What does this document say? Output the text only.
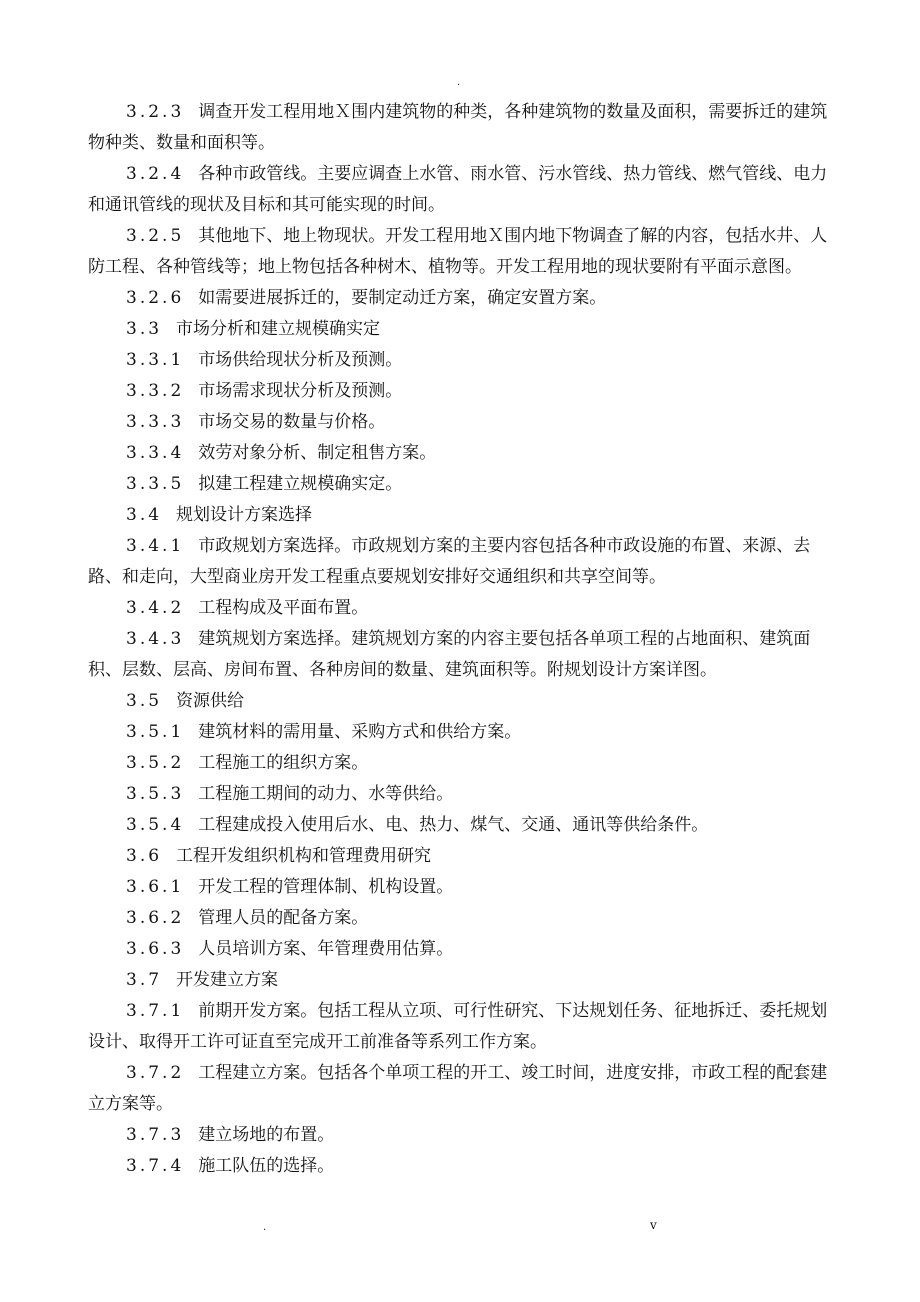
.

3.2.3 调查开发工程用地Ｘ围内建筑物的种类，各种建筑物的数量及面积，需要拆迁的建筑物种类、数量和面积等。

3.2.4 各种市政管线。主要应调查上水管、雨水管、污水管线、热力管线、燃气管线、电力和通讯管线的现状及目标和其可能实现的时间。

3.2.5 其他地下、地上物现状。开发工程用地Ｘ围内地下物调查了解的内容，包括水井、人防工程、各种管线等；地上物包括各种树木、植物等。开发工程用地的现状要附有平面示意图。

3.2.6 如需要进展拆迁的，要制定动迁方案，确定安置方案。

3.3 市场分析和建立规模确实定

3.3.1 市场供给现状分析及预测。

3.3.2 市场需求现状分析及预测。

3.3.3 市场交易的数量与价格。

3.3.4 效劳对象分析、制定租售方案。

3.3.5 拟建工程建立规模确实定。

3.4 规划设计方案选择

3.4.1 市政规划方案选择。市政规划方案的主要内容包括各种市政设施的布置、来源、去路、和走向，大型商业房开发工程重点要规划安排好交通组织和共享空间等。

3.4.2 工程构成及平面布置。

3.4.3 建筑规划方案选择。建筑规划方案的内容主要包括各单项工程的占地面积、建筑面积、层数、层高、房间布置、各种房间的数量、建筑面积等。附规划设计方案详图。

3.5 资源供给

3.5.1 建筑材料的需用量、采购方式和供给方案。

3.5.2 工程施工的组织方案。

3.5.3 工程施工期间的动力、水等供给。

3.5.4 工程建成投入使用后水、电、热力、煤气、交通、通讯等供给条件。

3.6 工程开发组织机构和管理费用研究

3.6.1 开发工程的管理体制、机构设置。

3.6.2 管理人员的配备方案。

3.6.3 人员培训方案、年管理费用估算。

3.7 开发建立方案

3.7.1 前期开发方案。包括工程从立项、可行性研究、下达规划任务、征地拆迁、委托规划设计、取得开工许可证直至完成开工前准备等系列工作方案。

3.7.2 工程建立方案。包括各个单项工程的开工、竣工时间，进度安排，市政工程的配套建立方案等。

3.7.3 建立场地的布置。

3.7.4 施工队伍的选择。

.	v
